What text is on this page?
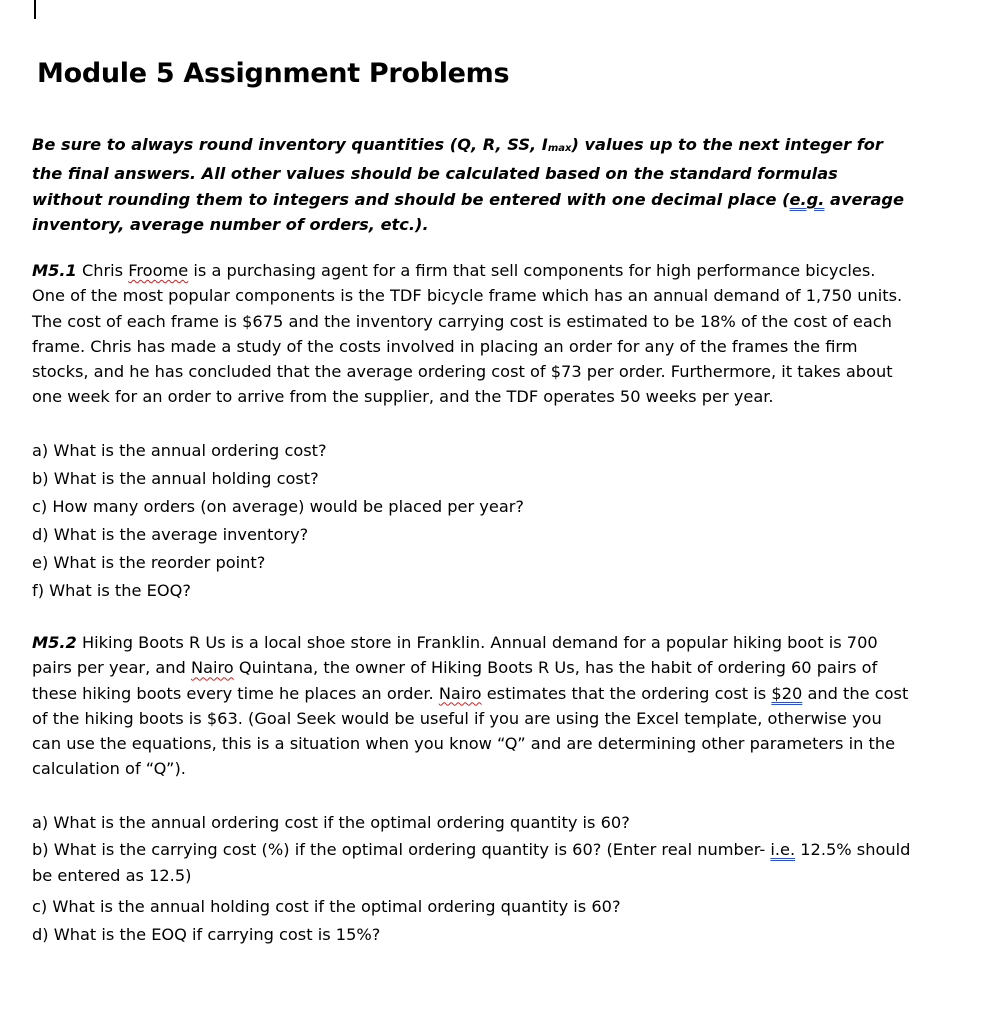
Module 5 Assignment Problems

Be sure to always round inventory quantities (Q, R, SS, $I_{max}$) values up to the next integer for the final answers. All other values should be calculated based on the standard formulas without rounding them to integers and should be entered with one decimal place (e.g. average inventory, average number of orders, etc.).

M5.1 Chris Froome is a purchasing agent for a firm that sell components for high performance bicycles. One of the most popular components is the TDF bicycle frame which has an annual demand of 1,750 units. The cost of each frame is $675 and the inventory carrying cost is estimated to be 18% of the cost of each frame. Chris has made a study of the costs involved in placing an order for any of the frames the firm stocks, and he has concluded that the average ordering cost of $73 per order. Furthermore, it takes about one week for an order to arrive from the supplier, and the TDF operates 50 weeks per year.

a) What is the annual ordering cost?
b) What is the annual holding cost?
c) How many orders (on average) would be placed per year?
d) What is the average inventory?
e) What is the reorder point?
f) What is the EOQ?

M5.2 Hiking Boots R Us is a local shoe store in Franklin. Annual demand for a popular hiking boot is 700 pairs per year, and Nairo Quintana, the owner of Hiking Boots R Us, has the habit of ordering 60 pairs of these hiking boots every time he places an order. Nairo estimates that the ordering cost is $20 and the cost of the hiking boots is $63. (Goal Seek would be useful if you are using the Excel template, otherwise you can use the equations, this is a situation when you know “Q” and are determining other parameters in the calculation of “Q”).

a) What is the annual ordering cost if the optimal ordering quantity is 60?
b) What is the carrying cost (%) if the optimal ordering quantity is 60? (Enter real number- i.e. 12.5% should be entered as 12.5)
c) What is the annual holding cost if the optimal ordering quantity is 60?
d) What is the EOQ if carrying cost is 15%?
